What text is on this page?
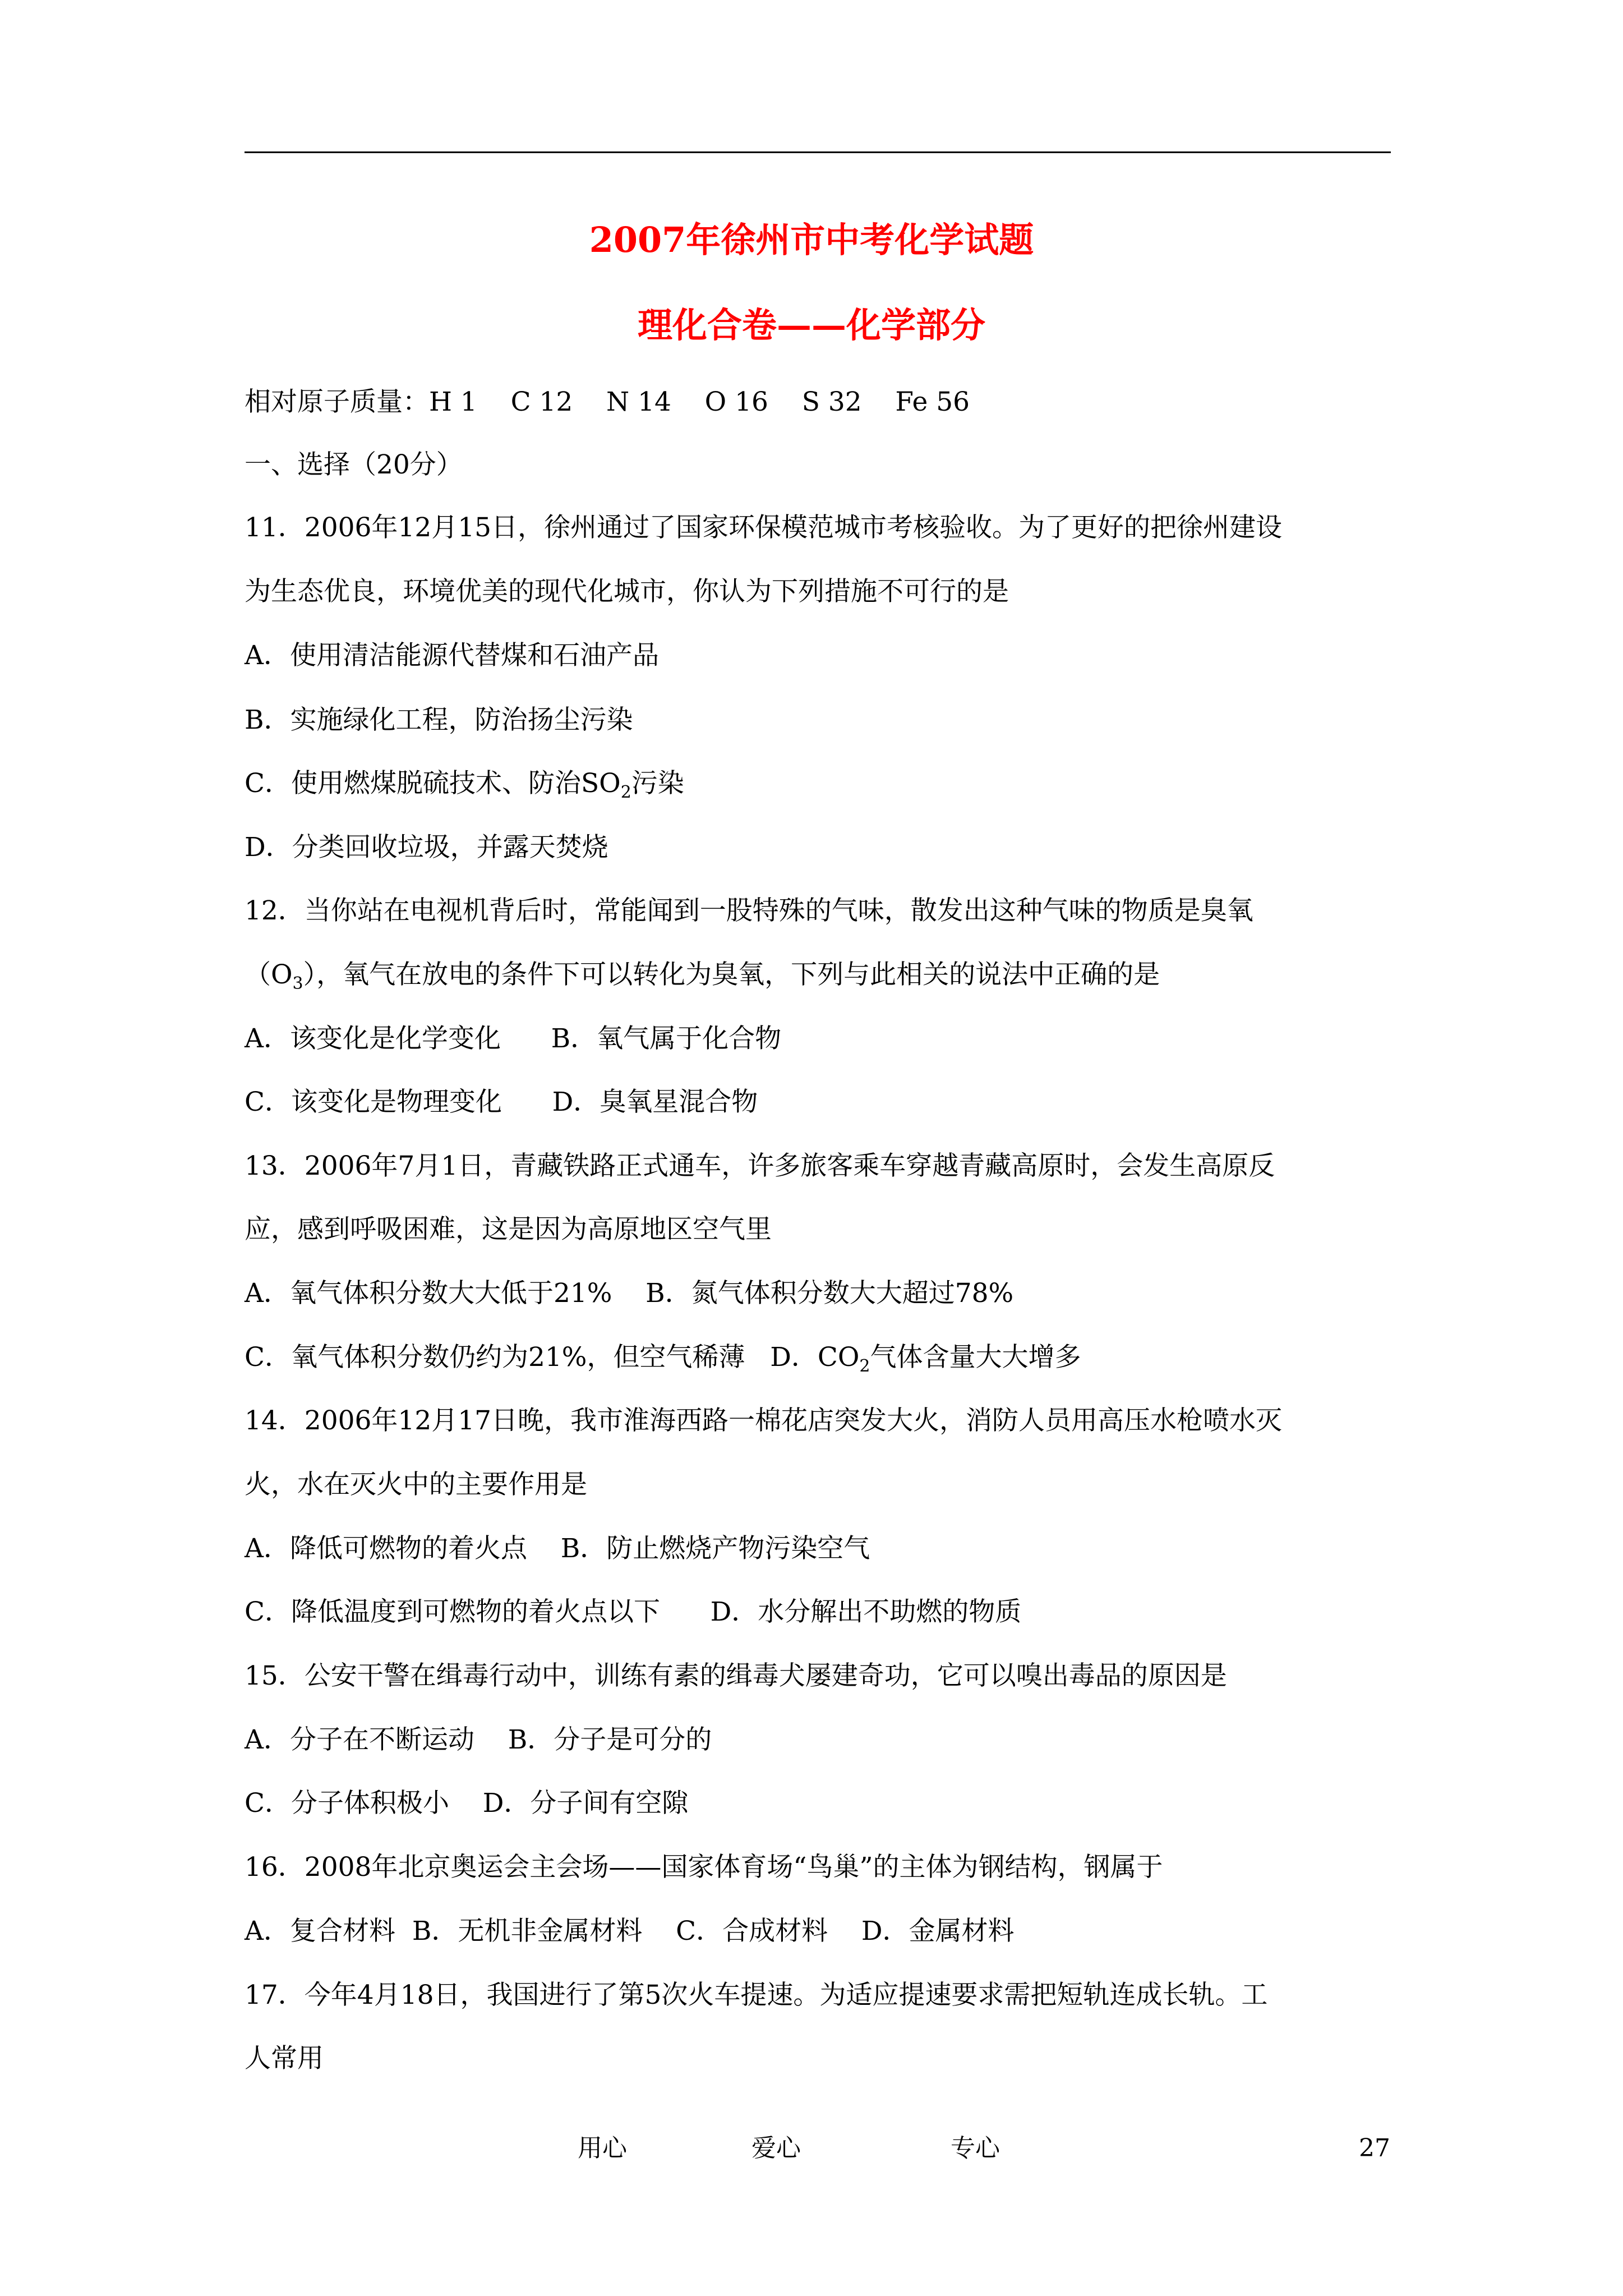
2007年徐州市中考化学试题
理化合卷——化学部分
相对原子质量：H 1    C 12    N 14    O 16    S 32    Fe 56
一、选择（20分）
11．2006年12月15日，徐州通过了国家环保模范城市考核验收。为了更好的把徐州建设
为生态优良，环境优美的现代化城市，你认为下列措施不可行的是
A．使用清洁能源代替煤和石油产品
B．实施绿化工程，防治扬尘污染
C．使用燃煤脱硫技术、防治$SO_2$污染
D．分类回收垃圾，并露天焚烧
12．当你站在电视机背后时，常能闻到一股特殊的气味，散发出这种气味的物质是臭氧
$(O_3)$，氧气在放电的条件下可以转化为臭氧，下列与此相关的说法中正确的是
A．该变化是化学变化      B．氧气属于化合物
C．该变化是物理变化      D．臭氧星混合物
13．2006年7月1日，青藏铁路正式通车，许多旅客乘车穿越青藏高原时，会发生高原反
应，感到呼吸困难，这是因为高原地区空气里
A．氧气体积分数大大低于21%    B．氮气体积分数大大超过78%
C．氧气体积分数仍约为21%，但空气稀薄   D．$CO_2$气体含量大大增多
14．2006年12月17日晚，我市淮海西路一棉花店突发大火，消防人员用高压水枪喷水灭
火，水在灭火中的主要作用是
A．降低可燃物的着火点    B．防止燃烧产物污染空气
C．降低温度到可燃物的着火点以下      D．水分解出不助燃的物质
15．公安干警在缉毒行动中，训练有素的缉毒犬屡建奇功，它可以嗅出毒品的原因是
A．分子在不断运动    B．分子是可分的
C．分子体积极小    D．分子间有空隙
16．2008年北京奥运会主会场——国家体育场“鸟巢”的主体为钢结构，钢属于
A．复合材料  B．无机非金属材料    C．合成材料    D．金属材料
17．今年4月18日，我国进行了第5次火车提速。为适应提速要求需把短轨连成长轨。工
人常用
用心	爱心	专心	27
